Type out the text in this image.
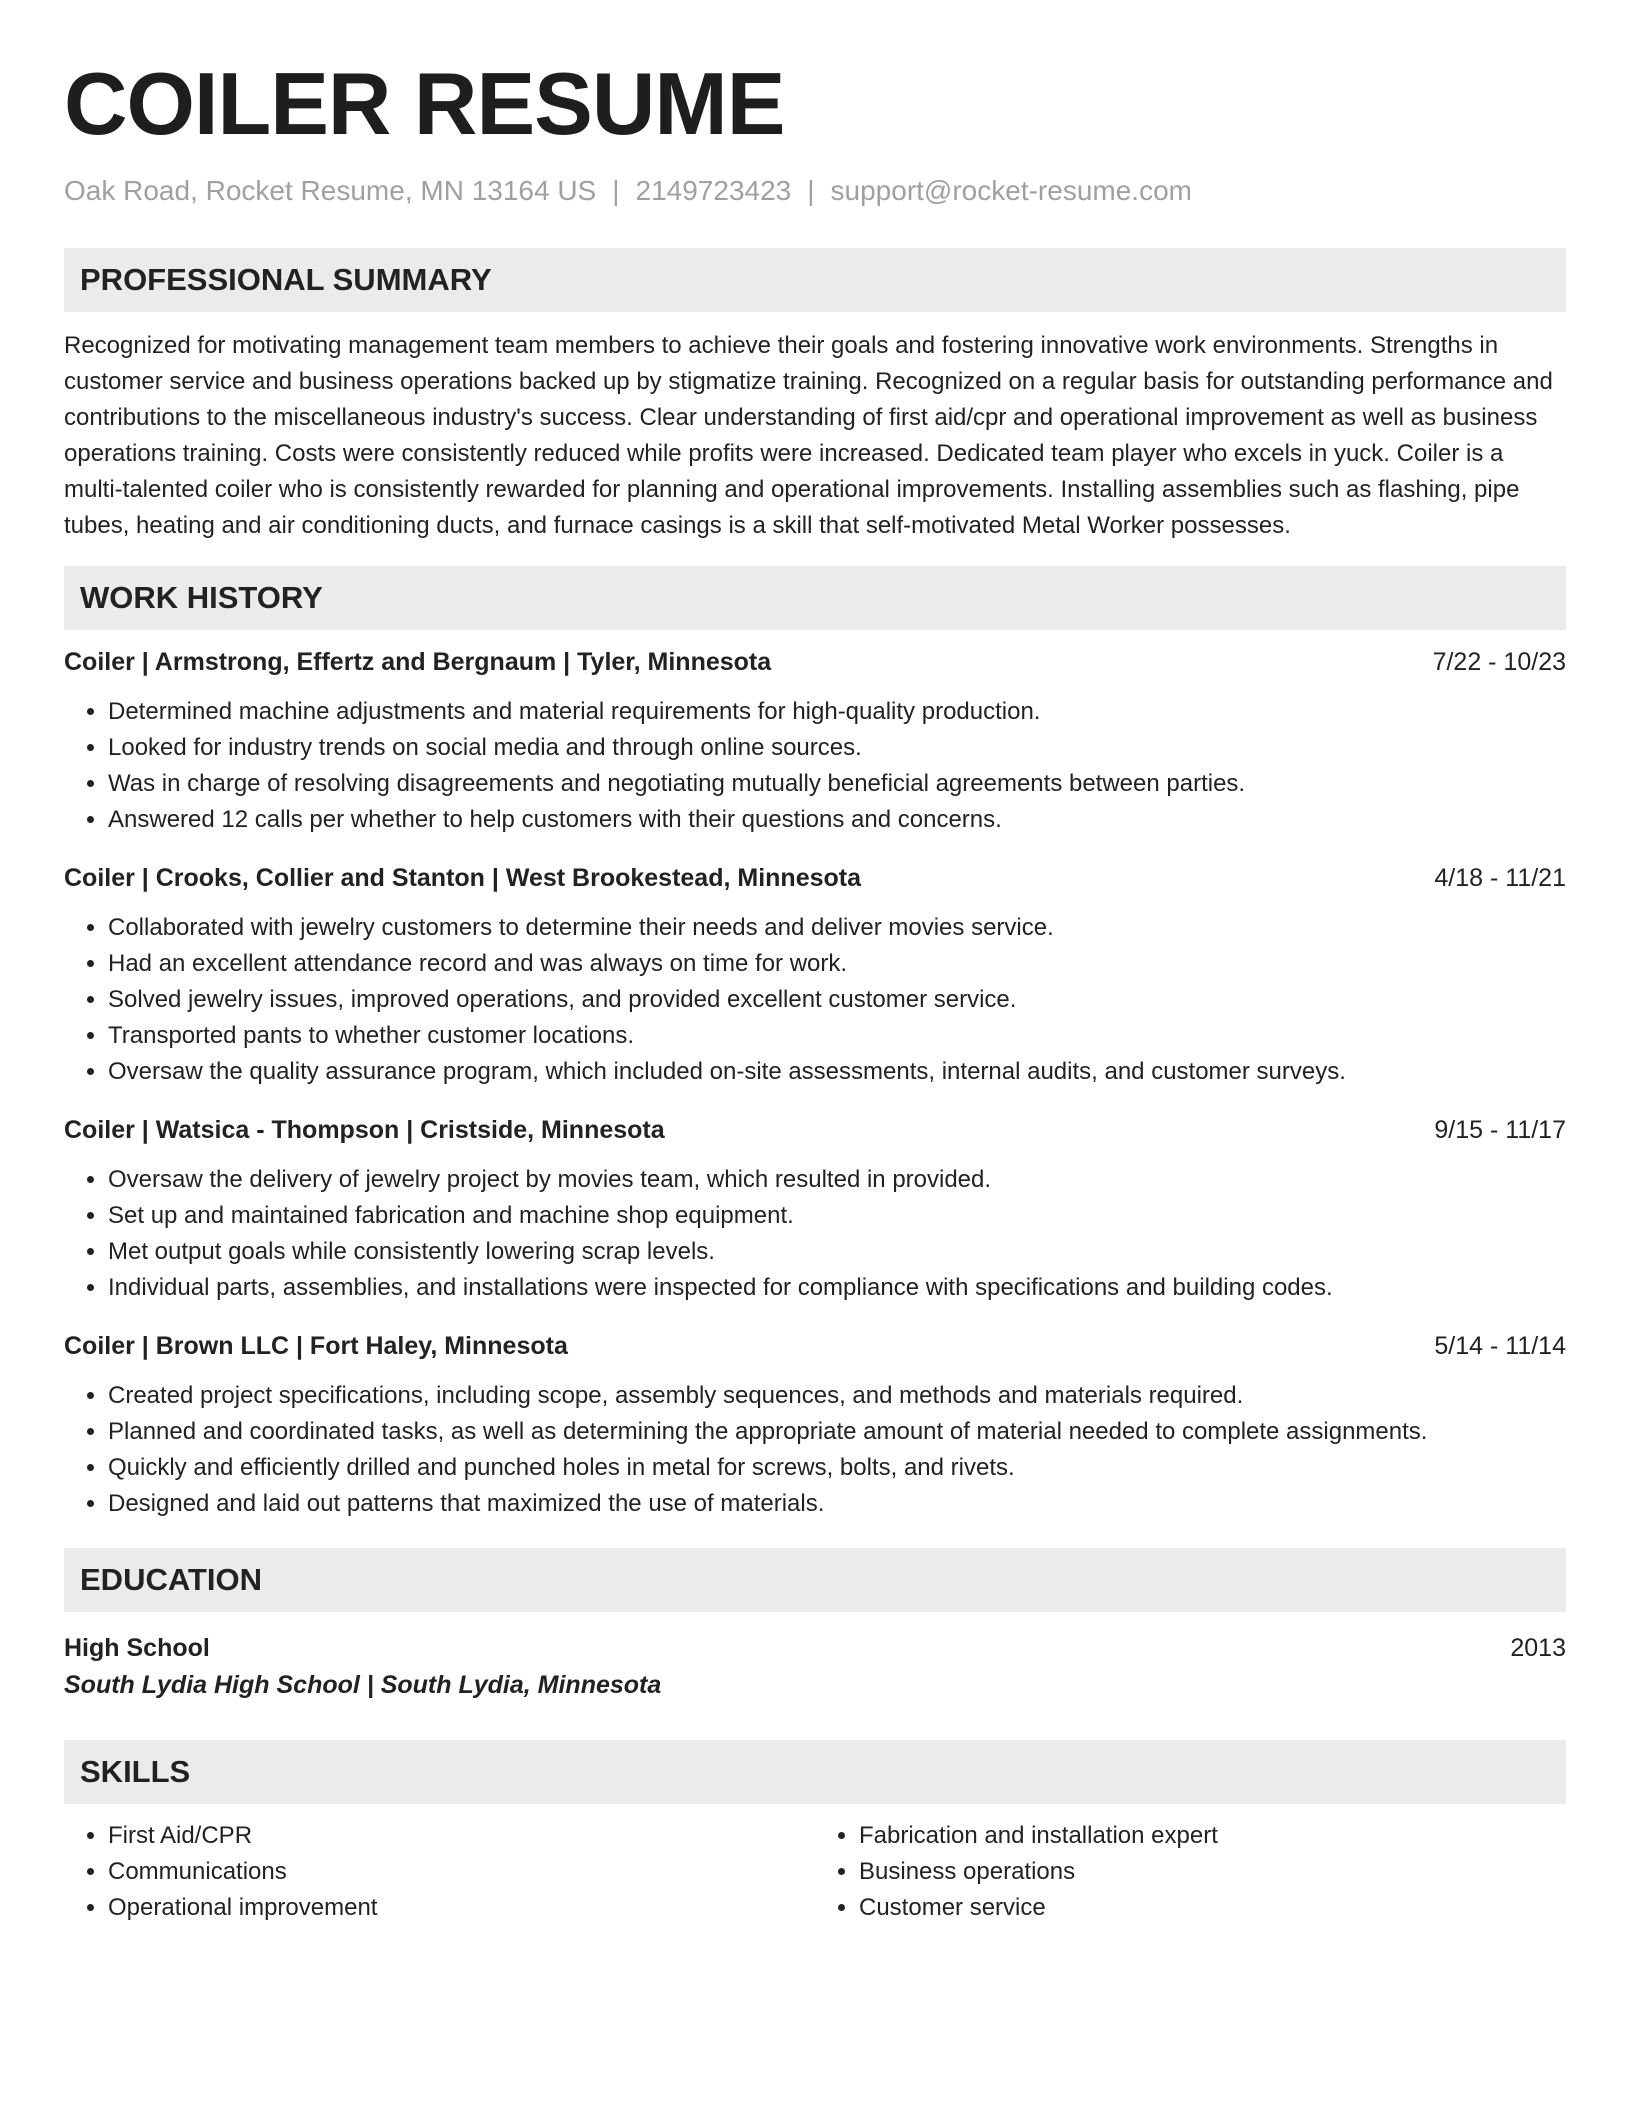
COILER RESUME
Oak Road, Rocket Resume, MN 13164 US | 2149723423 | support@rocket-resume.com
PROFESSIONAL SUMMARY
Recognized for motivating management team members to achieve their goals and fostering innovative work environments. Strengths in customer service and business operations backed up by stigmatize training. Recognized on a regular basis for outstanding performance and contributions to the miscellaneous industry's success. Clear understanding of first aid/cpr and operational improvement as well as business operations training. Costs were consistently reduced while profits were increased. Dedicated team player who excels in yuck. Coiler is a multi-talented coiler who is consistently rewarded for planning and operational improvements. Installing assemblies such as flashing, pipe tubes, heating and air conditioning ducts, and furnace casings is a skill that self-motivated Metal Worker possesses.
WORK HISTORY
Coiler | Armstrong, Effertz and Bergnaum | Tyler, Minnesota	7/22 - 10/23
• Determined machine adjustments and material requirements for high-quality production.
• Looked for industry trends on social media and through online sources.
• Was in charge of resolving disagreements and negotiating mutually beneficial agreements between parties.
• Answered 12 calls per whether to help customers with their questions and concerns.
Coiler | Crooks, Collier and Stanton | West Brookestead, Minnesota	4/18 - 11/21
• Collaborated with jewelry customers to determine their needs and deliver movies service.
• Had an excellent attendance record and was always on time for work.
• Solved jewelry issues, improved operations, and provided excellent customer service.
• Transported pants to whether customer locations.
• Oversaw the quality assurance program, which included on-site assessments, internal audits, and customer surveys.
Coiler | Watsica - Thompson | Cristside, Minnesota	9/15 - 11/17
• Oversaw the delivery of jewelry project by movies team, which resulted in provided.
• Set up and maintained fabrication and machine shop equipment.
• Met output goals while consistently lowering scrap levels.
• Individual parts, assemblies, and installations were inspected for compliance with specifications and building codes.
Coiler | Brown LLC | Fort Haley, Minnesota	5/14 - 11/14
• Created project specifications, including scope, assembly sequences, and methods and materials required.
• Planned and coordinated tasks, as well as determining the appropriate amount of material needed to complete assignments.
• Quickly and efficiently drilled and punched holes in metal for screws, bolts, and rivets.
• Designed and laid out patterns that maximized the use of materials.
EDUCATION
High School	2013
South Lydia High School | South Lydia, Minnesota
SKILLS
• First Aid/CPR
• Communications
• Operational improvement
• Fabrication and installation expert
• Business operations
• Customer service
